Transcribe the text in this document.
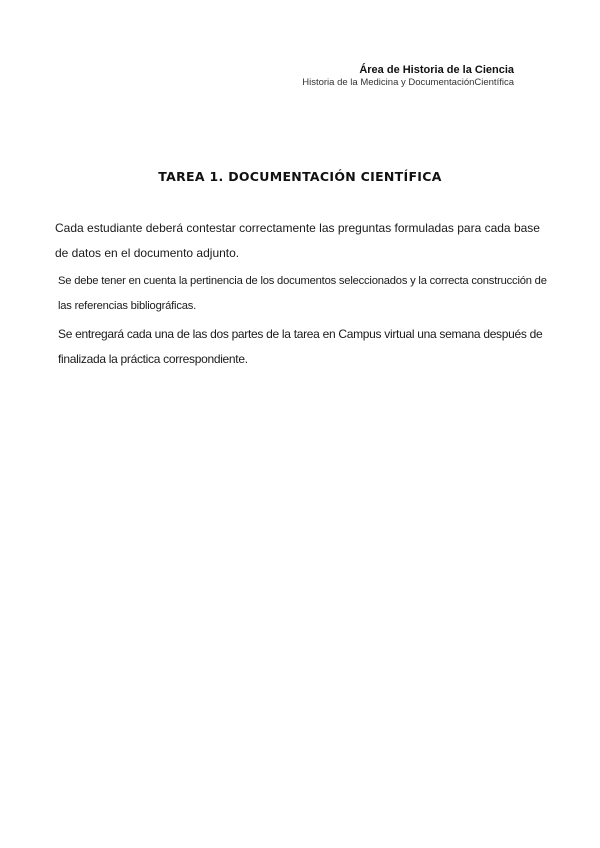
Área de Historia de la Ciencia
Historia de la Medicina y DocumentaciónCientífica
TAREA 1. DOCUMENTACIÓN CIENTÍFICA

Cada estudiante deberá contestar correctamente las preguntas formuladas para cada base de datos en el documento adjunto.

Se debe tener en cuenta la pertinencia de los documentos seleccionados y la correcta construcción de las referencias bibliográficas.

Se entregará cada una de las dos partes de la tarea en Campus virtual una semana después de finalizada la práctica correspondiente.
